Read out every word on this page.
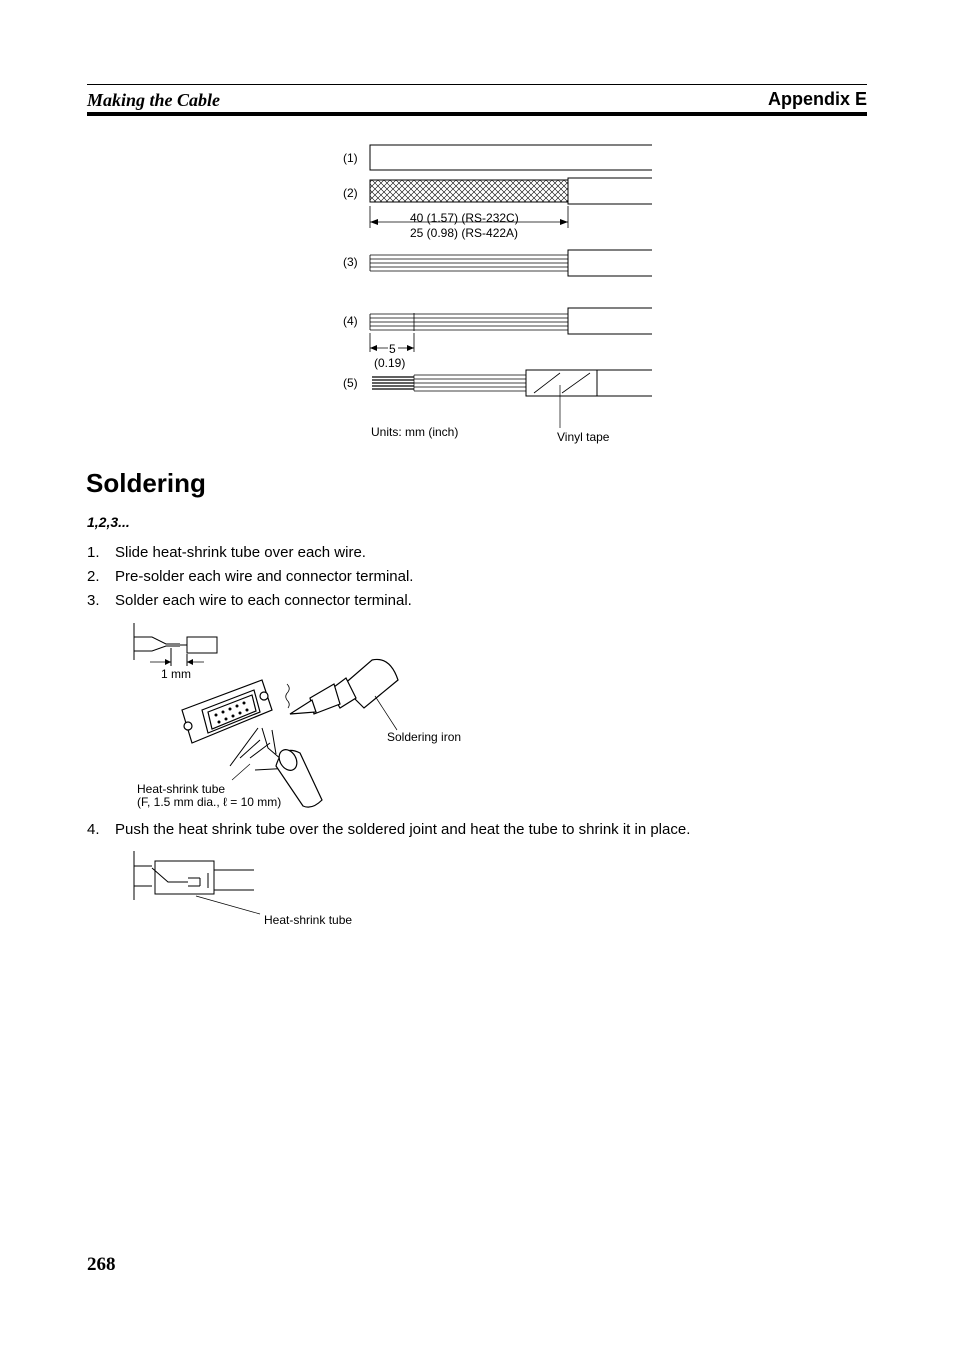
Making the Cable	Appendix E
(1)
(2)
40 (1.57) (RS-232C)
25 (0.98) (RS-422A)
(3)
(4)
5
(0.19)
(5)
Units: mm (inch)	Vinyl tape
Soldering
1,2,3...
1. Slide heat-shrink tube over each wire.
2. Pre-solder each wire and connector terminal.
3. Solder each wire to each connector terminal.
1 mm
Soldering iron
Heat-shrink tube
(F, 1.5 mm dia., ℓ = 10 mm)
4. Push the heat shrink tube over the soldered joint and heat the tube to shrink it in place.
Heat-shrink tube
268
